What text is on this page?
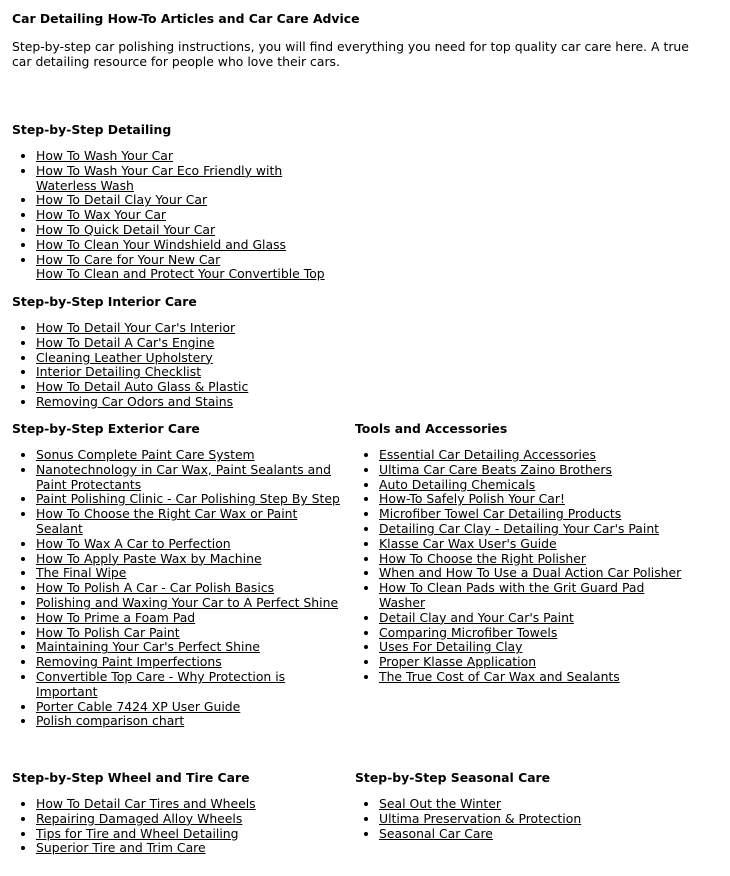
Car Detailing How-To Articles and Car Care Advice

Step-by-step car polishing instructions, you will find everything you need for top quality car care here. A true car detailing resource for people who love their cars.

Step-by-Step Detailing
• How To Wash Your Car
• How To Wash Your Car Eco Friendly with Waterless Wash
• How To Detail Clay Your Car
• How To Wax Your Car
• How To Quick Detail Your Car
• How To Clean Your Windshield and Glass
• How To Care for Your New Car
• How To Clean and Protect Your Convertible Top
Step-by-Step Interior Care
• How To Detail Your Car's Interior
• How To Detail A Car's Engine
• Cleaning Leather Upholstery
• Interior Detailing Checklist
• How To Detail Auto Glass & Plastic
• Removing Car Odors and Stains
Step-by-Step Exterior Care
• Sonus Complete Paint Care System
• Nanotechnology in Car Wax, Paint Sealants and Paint Protectants
• Paint Polishing Clinic - Car Polishing Step By Step
• How To Choose the Right Car Wax or Paint Sealant
• How To Wax A Car to Perfection
• How To Apply Paste Wax by Machine
• The Final Wipe
• How To Polish A Car - Car Polish Basics
• Polishing and Waxing Your Car to A Perfect Shine
• How To Prime a Foam Pad
• How To Polish Car Paint
• Maintaining Your Car's Perfect Shine
• Removing Paint Imperfections
• Convertible Top Care - Why Protection is Important
• Porter Cable 7424 XP User Guide
• Polish comparison chart
Tools and Accessories
• Essential Car Detailing Accessories
• Ultima Car Care Beats Zaino Brothers
• Auto Detailing Chemicals
• How-To Safely Polish Your Car!
• Microfiber Towel Car Detailing Products
• Detailing Car Clay - Detailing Your Car's Paint
• Klasse Car Wax User's Guide
• How To Choose the Right Polisher
• When and How To Use a Dual Action Car Polisher
• How To Clean Pads with the Grit Guard Pad Washer
• Detail Clay and Your Car's Paint
• Comparing Microfiber Towels
• Uses For Detailing Clay
• Proper Klasse Application
• The True Cost of Car Wax and Sealants
Step-by-Step Wheel and Tire Care
• How To Detail Car Tires and Wheels
• Repairing Damaged Alloy Wheels
• Tips for Tire and Wheel Detailing
• Superior Tire and Trim Care
Step-by-Step Seasonal Care
• Seal Out the Winter
• Ultima Preservation & Protection
• Seasonal Car Care
